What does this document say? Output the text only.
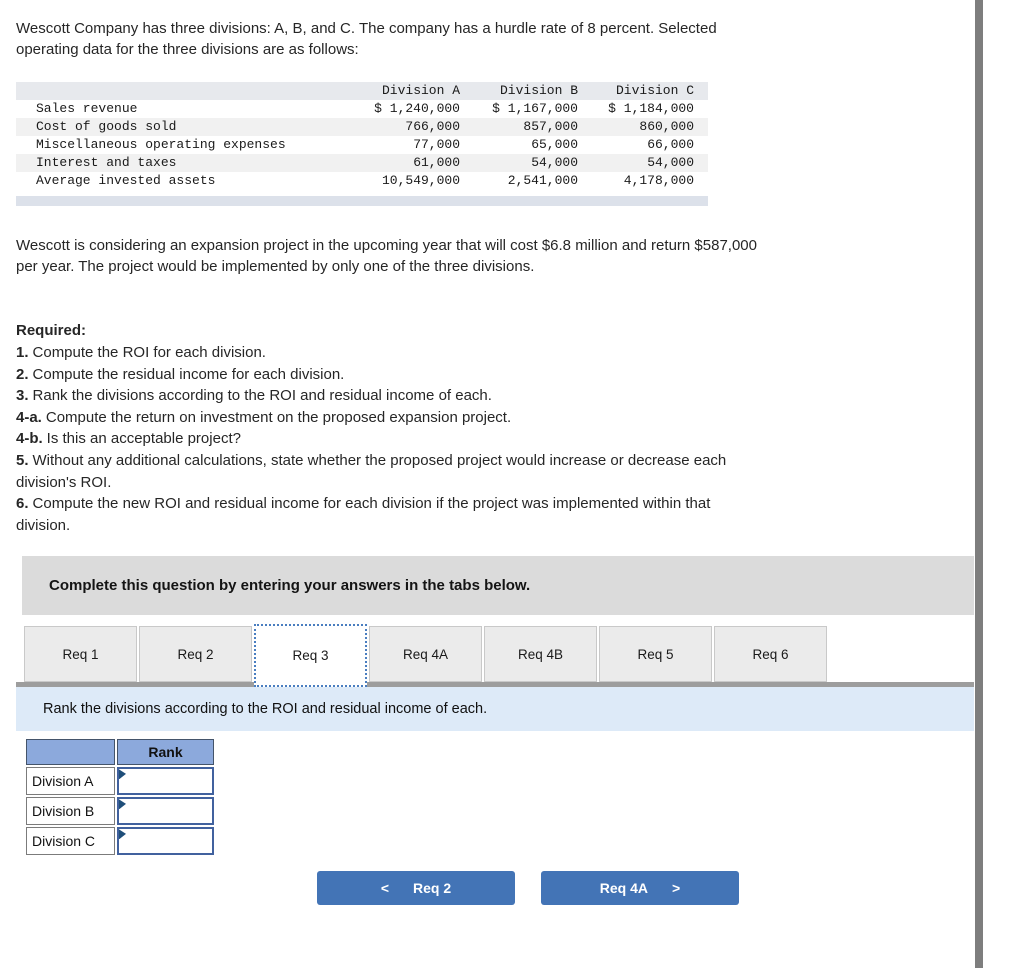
Wescott Company has three divisions: A, B, and C. The company has a hurdle rate of 8 percent. Selected
operating data for the three divisions are as follows:
Division A	Division B	Division C
Sales revenue	$ 1,240,000	$ 1,167,000	$ 1,184,000
Cost of goods sold	766,000	857,000	860,000
Miscellaneous operating expenses	77,000	65,000	66,000
Interest and taxes	61,000	54,000	54,000
Average invested assets	10,549,000	2,541,000	4,178,000
Wescott is considering an expansion project in the upcoming year that will cost $6.8 million and return $587,000
per year. The project would be implemented by only one of the three divisions.
Required:
1. Compute the ROI for each division.
2. Compute the residual income for each division.
3. Rank the divisions according to the ROI and residual income of each.
4-a. Compute the return on investment on the proposed expansion project.
4-b. Is this an acceptable project?
5. Without any additional calculations, state whether the proposed project would increase or decrease each
division's ROI.
6. Compute the new ROI and residual income for each division if the project was implemented within that
division.
Complete this question by entering your answers in the tabs below.
Req 1	Req 2	Req 3	Req 4A	Req 4B	Req 5	Req 6
Rank the divisions according to the ROI and residual income of each.
Rank
Division A
Division B
Division C
< Req 2	Req 4A >
